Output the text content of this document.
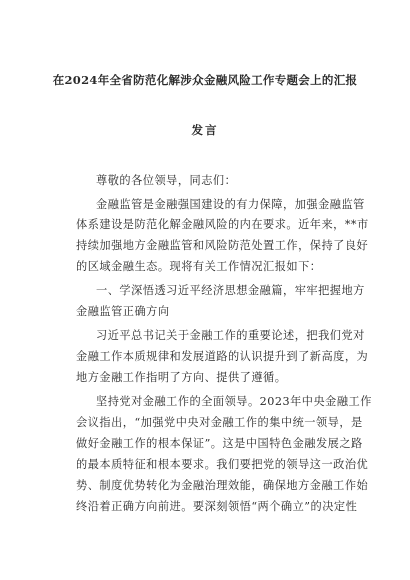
在2024年全省防范化解涉众金融风险工作专题会上的汇报
发言
尊敬的各位领导，同志们：
金融监管是金融强国建设的有力保障，加强金融监管
体系建设是防范化解金融风险的内在要求。近年来，**市
持续加强地方金融监管和风险防范处置工作，保持了良好
的区域金融生态。现将有关工作情况汇报如下：
一、学深悟透习近平经济思想金融篇，牢牢把握地方
金融监管正确方向
习近平总书记关于金融工作的重要论述，把我们党对
金融工作本质规律和发展道路的认识提升到了新高度，为
地方金融工作指明了方向、提供了遵循。
坚持党对金融工作的全面领导。2023年中央金融工作
会议指出，“加强党中央对金融工作的集中统一领导，是
做好金融工作的根本保证”。这是中国特色金融发展之路
的最本质特征和根本要求。我们要把党的领导这一政治优
势、制度优势转化为金融治理效能，确保地方金融工作始
终沿着正确方向前进。要深刻领悟“两个确立”的决定性
